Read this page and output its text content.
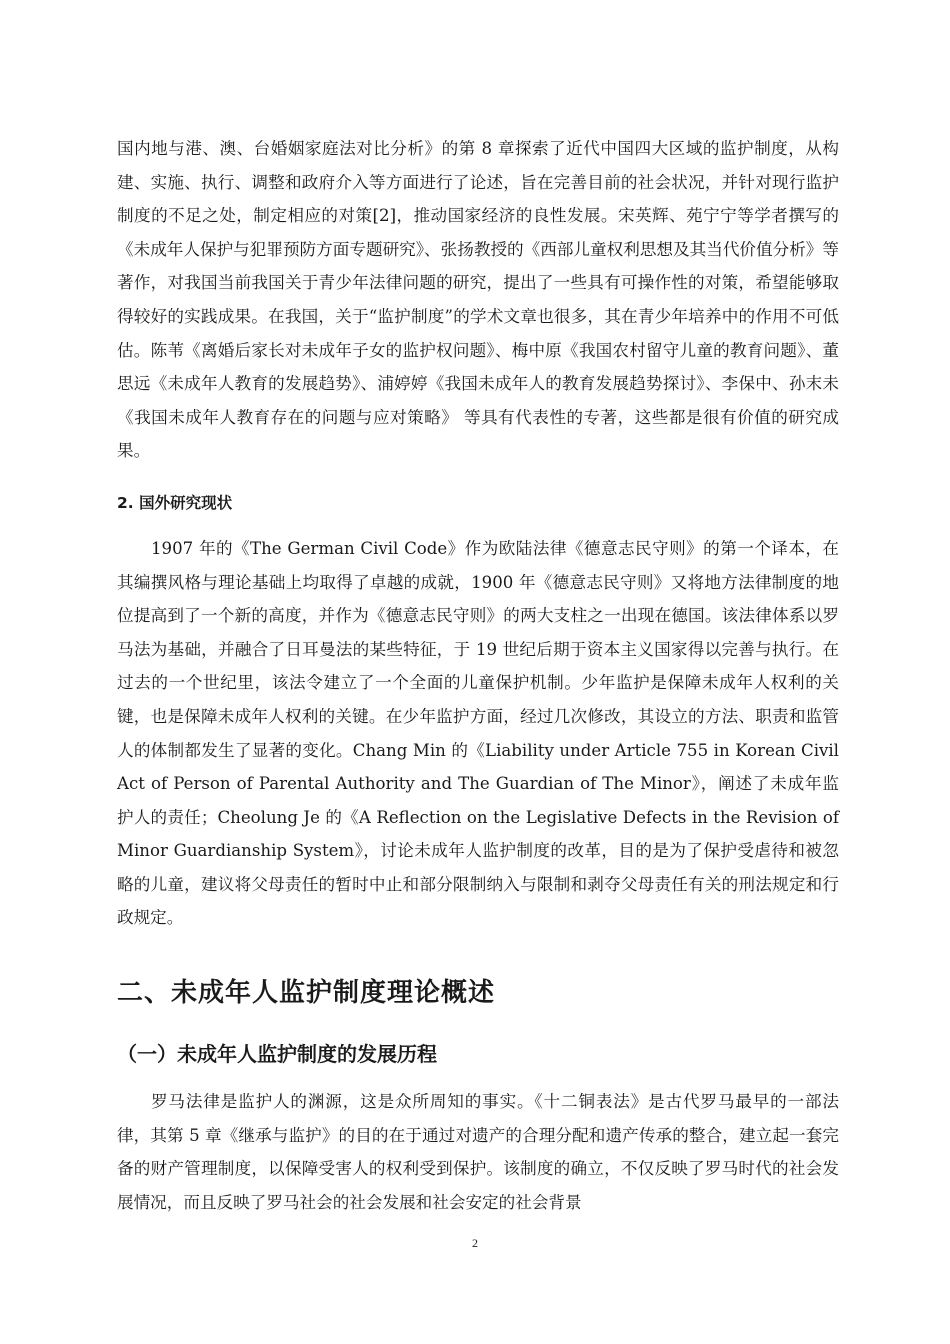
国内地与港、澳、台婚姻家庭法对比分析》的第 8 章探索了近代中国四大区域的监护制度，从构建、实施、执行、调整和政府介入等方面进行了论述，旨在完善目前的社会状况，并针对现行监护制度的不足之处，制定相应的对策[2]，推动国家经济的良性发展。宋英辉、苑宁宁等学者撰写的《未成年人保护与犯罪预防方面专题研究》、张扬教授的《西部儿童权利思想及其当代价值分析》等著作，对我国当前我国关于青少年法律问题的研究，提出了一些具有可操作性的对策，希望能够取得较好的实践成果。在我国，关于“监护制度”的学术文章也很多，其在青少年培养中的作用不可低估。陈苇《离婚后家长对未成年子女的监护权问题》、梅中原《我国农村留守儿童的教育问题》、董思远《未成年人教育的发展趋势》、浦婷婷《我国未成年人的教育发展趋势探讨》、李保中、孙末未《我国未成年人教育存在的问题与应对策略》 等具有代表性的专著，这些都是很有价值的研究成果。

2. 国外研究现状

1907 年的《The German Civil Code》作为欧陆法律《德意志民守则》的第一个译本，在其编撰风格与理论基础上均取得了卓越的成就，1900 年《德意志民守则》又将地方法律制度的地位提高到了一个新的高度，并作为《德意志民守则》的两大支柱之一出现在德国。该法律体系以罗马法为基础，并融合了日耳曼法的某些特征，于 19 世纪后期于资本主义国家得以完善与执行。在过去的一个世纪里，该法令建立了一个全面的儿童保护机制。少年监护是保障未成年人权利的关键，也是保障未成年人权利的关键。在少年监护方面，经过几次修改，其设立的方法、职责和监管人的体制都发生了显著的变化。Chang Min 的《Liability under Article 755 in Korean Civil Act of Person of Parental Authority and The Guardian of The Minor》，阐述了未成年监护人的责任；Cheolung Je 的《A Reflection on the Legislative Defects in the Revision of Minor Guardianship System》，讨论未成年人监护制度的改革，目的是为了保护受虐待和被忽略的儿童，建议将父母责任的暂时中止和部分限制纳入与限制和剥夺父母责任有关的刑法规定和行政规定。

二、未成年人监护制度理论概述
（一）未成年人监护制度的发展历程

罗马法律是监护人的渊源，这是众所周知的事实。《十二铜表法》是古代罗马最早的一部法律，其第 5 章《继承与监护》的目的在于通过对遗产的合理分配和遗产传承的整合，建立起一套完备的财产管理制度，以保障受害人的权利受到保护。该制度的确立，不仅反映了罗马时代的社会发展情况，而且反映了罗马社会的社会发展和社会安定的社会背景

2
